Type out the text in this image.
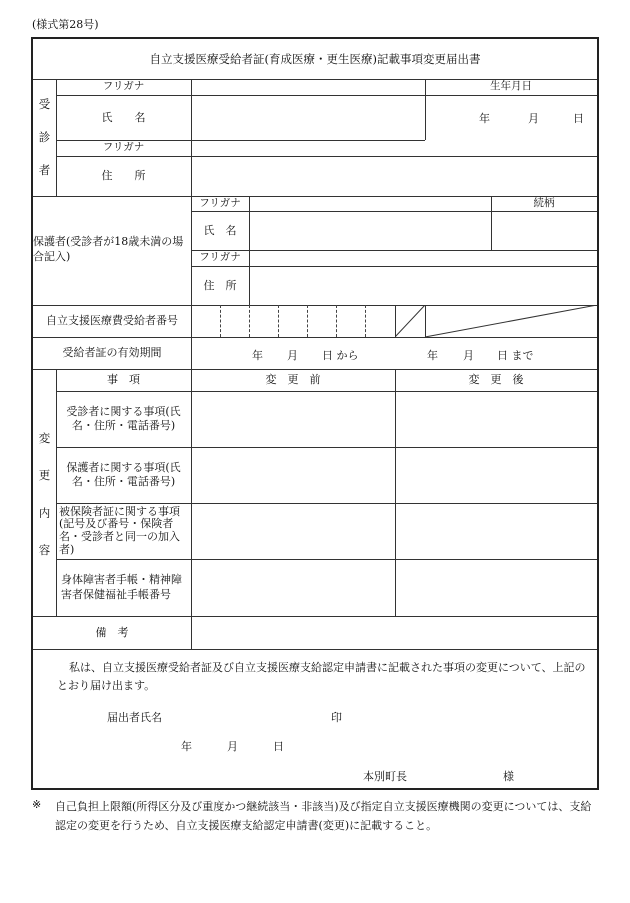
(様式第28号)
自立支援医療受給者証(育成医療・更生医療)記載事項変更届出書
受
診
者
フリガナ	生年月日
氏　　名	年	月	日
フリガナ
住　　所
保護者(受診者が18歳未満の場合記入)
フリガナ	続柄
氏　名
フリガナ
住　所
自立支援医療費受給者番号
受給者証の有効期間	年 月 日 から	年 月 日 まで
変
更
内
容
事　項	変　更　前	変　更　後
受診者に関する事項(氏名・住所・電話番号)
保護者に関する事項(氏名・住所・電話番号)
被保険者証に関する事項(記号及び番号・保険者名・受診者と同一の加入者)
身体障害者手帳・精神障害者保健福祉手帳番号
備　考
私は、自立支援医療受給者証及び自立支援医療支給認定申請書に記載された事項の変更について、上記のとおり届け出ます。
届出者氏名	印
年	月	日
本別町長	様
※ 自己負担上限額(所得区分及び重度かつ継続該当・非該当)及び指定自立支援医療機関の変更については、支給認定の変更を行うため、自立支援医療支給認定申請書(変更)に記載すること。
